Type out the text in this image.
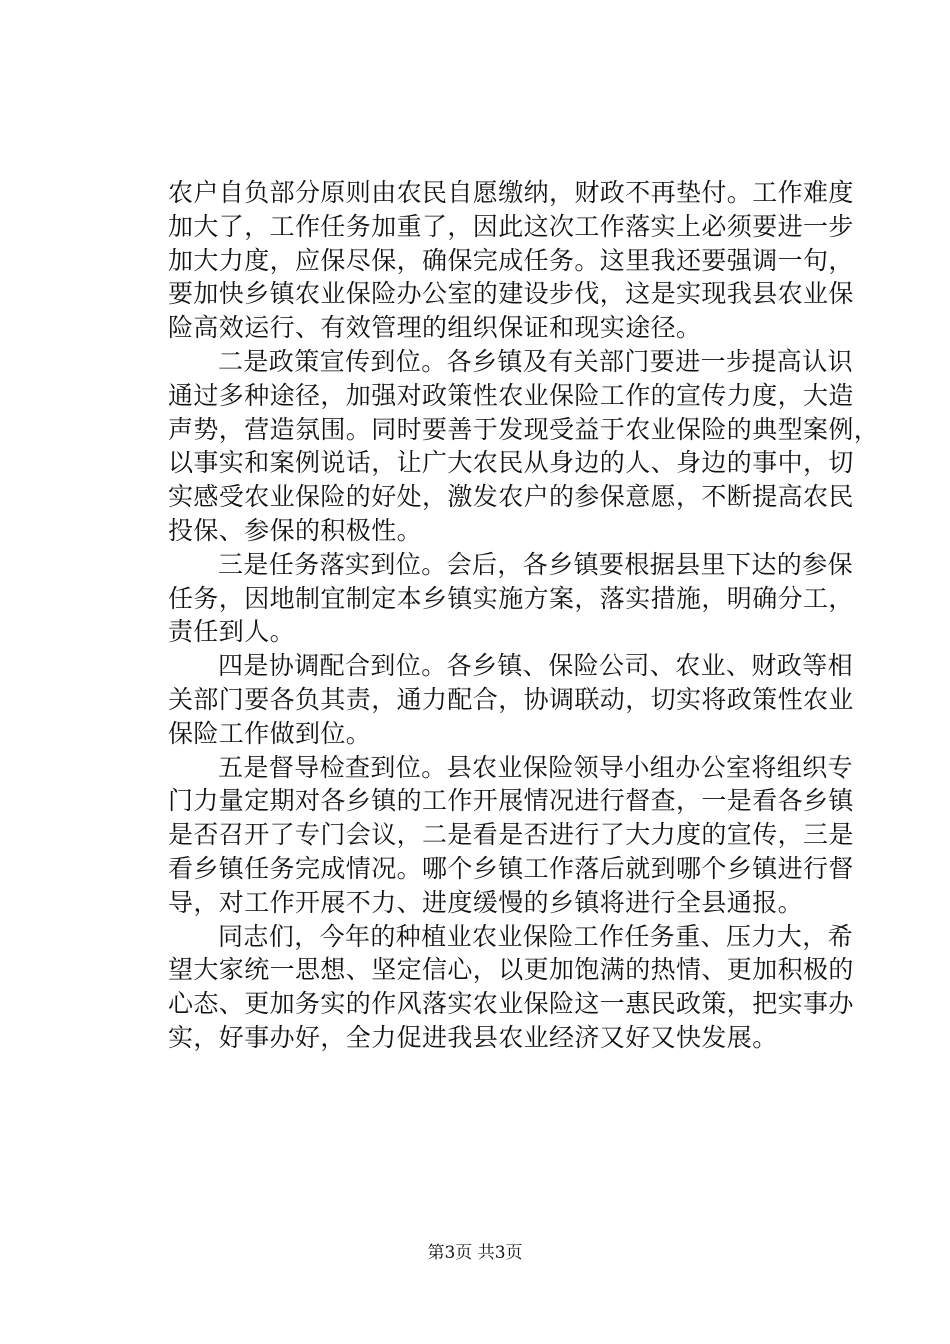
农户自负部分原则由农民自愿缴纳，财政不再垫付。工作难度
加大了，工作任务加重了，因此这次工作落实上必须要进一步
加大力度，应保尽保，确保完成任务。这里我还要强调一句，
要加快乡镇农业保险办公室的建设步伐，这是实现我县农业保
险高效运行、有效管理的组织保证和现实途径。
二是政策宣传到位。各乡镇及有关部门要进一步提高认识
通过多种途径，加强对政策性农业保险工作的宣传力度，大造
声势，营造氛围。同时要善于发现受益于农业保险的典型案例，
以事实和案例说话，让广大农民从身边的人、身边的事中，切
实感受农业保险的好处，激发农户的参保意愿，不断提高农民
投保、参保的积极性。
三是任务落实到位。会后，各乡镇要根据县里下达的参保
任务，因地制宜制定本乡镇实施方案，落实措施，明确分工，
责任到人。
四是协调配合到位。各乡镇、保险公司、农业、财政等相
关部门要各负其责，通力配合，协调联动，切实将政策性农业
保险工作做到位。
五是督导检查到位。县农业保险领导小组办公室将组织专
门力量定期对各乡镇的工作开展情况进行督查，一是看各乡镇
是否召开了专门会议，二是看是否进行了大力度的宣传，三是
看乡镇任务完成情况。哪个乡镇工作落后就到哪个乡镇进行督
导，对工作开展不力、进度缓慢的乡镇将进行全县通报。
同志们，今年的种植业农业保险工作任务重、压力大，希
望大家统一思想、坚定信心，以更加饱满的热情、更加积极的
心态、更加务实的作风落实农业保险这一惠民政策，把实事办
实，好事办好，全力促进我县农业经济又好又快发展。
第3页 共3页
